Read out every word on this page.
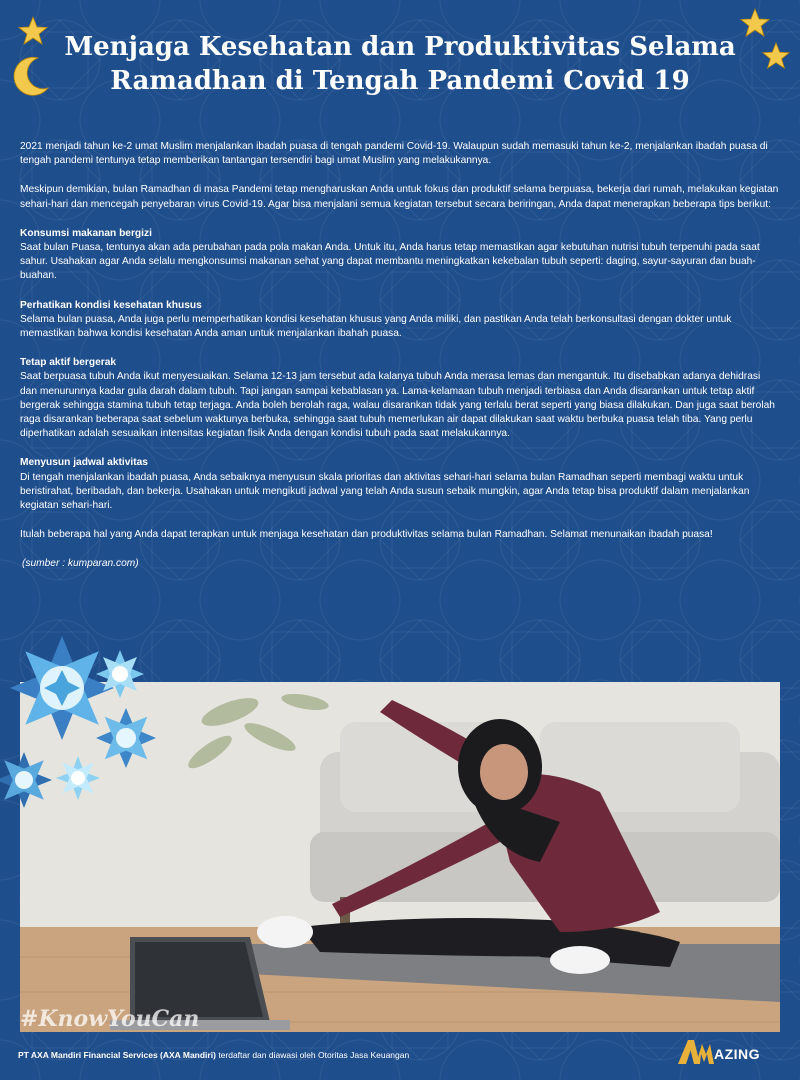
Menjaga Kesehatan dan Produktivitas Selama
Ramadhan di Tengah Pandemi Covid 19

2021 menjadi tahun ke-2 umat Muslim menjalankan ibadah puasa di tengah pandemi Covid-19. Walaupun sudah memasuki tahun ke-2, menjalankan ibadah puasa di tengah pandemi tentunya tetap memberikan tantangan tersendiri bagi umat Muslim yang melakukannya.

Meskipun demikian, bulan Ramadhan di masa Pandemi tetap mengharuskan Anda untuk fokus dan produktif selama berpuasa, bekerja dari rumah, melakukan kegiatan sehari-hari dan mencegah penyebaran virus Covid-19. Agar bisa menjalani semua kegiatan tersebut secara beriringan, Anda dapat menerapkan beberapa tips berikut:

Konsumsi makanan bergizi
Saat bulan Puasa, tentunya akan ada perubahan pada pola makan Anda. Untuk itu, Anda harus tetap memastikan agar kebutuhan nutrisi tubuh terpenuhi pada saat sahur. Usahakan agar Anda selalu mengkonsumsi makanan sehat yang dapat membantu meningkatkan kekebalan tubuh seperti: daging, sayur-sayuran dan buah-buahan.
Perhatikan kondisi kesehatan khusus
Selama bulan puasa, Anda juga perlu memperhatikan kondisi kesehatan khusus yang Anda miliki, dan pastikan Anda telah berkonsultasi dengan dokter untuk memastikan bahwa kondisi kesehatan Anda aman untuk menjalankan ibahah puasa.
Tetap aktif bergerak
Saat berpuasa tubuh Anda ikut menyesuaikan. Selama 12-13 jam tersebut ada kalanya tubuh Anda merasa lemas dan mengantuk. Itu disebabkan adanya dehidrasi dan menurunnya kadar gula darah dalam tubuh. Tapi jangan sampai kebablasan ya. Lama-kelamaan tubuh menjadi terbiasa dan Anda disarankan untuk tetap aktif bergerak sehingga stamina tubuh tetap terjaga. Anda boleh berolah raga, walau disarankan tidak yang terlalu berat seperti yang biasa dilakukan. Dan juga saat berolah raga disarankan beberapa saat sebelum waktunya berbuka, sehingga saat tubuh memerlukan air dapat dilakukan saat waktu berbuka puasa telah tiba. Yang perlu diperhatikan adalah sesuaikan intensitas kegiatan fisik Anda dengan kondisi tubuh pada saat melakukannya.
Menyusun jadwal aktivitas
Di tengah menjalankan ibadah puasa, Anda sebaiknya menyusun skala prioritas dan aktivitas sehari-hari selama bulan Ramadhan seperti membagi waktu untuk beristirahat, beribadah, dan bekerja. Usahakan untuk mengikuti jadwal yang telah Anda susun sebaik mungkin, agar Anda tetap bisa produktif dalam menjalankan kegiatan sehari-hari.

Itulah beberapa hal yang Anda dapat terapkan untuk menjaga kesehatan dan produktivitas selama bulan Ramadhan. Selamat menunaikan ibadah puasa!

(sumber : kumparan.com)

#KnowYouCan
PT AXA Mandiri Financial Services (AXA Mandiri) terdaftar dan diawasi oleh Otoritas Jasa Keuangan	AZING
